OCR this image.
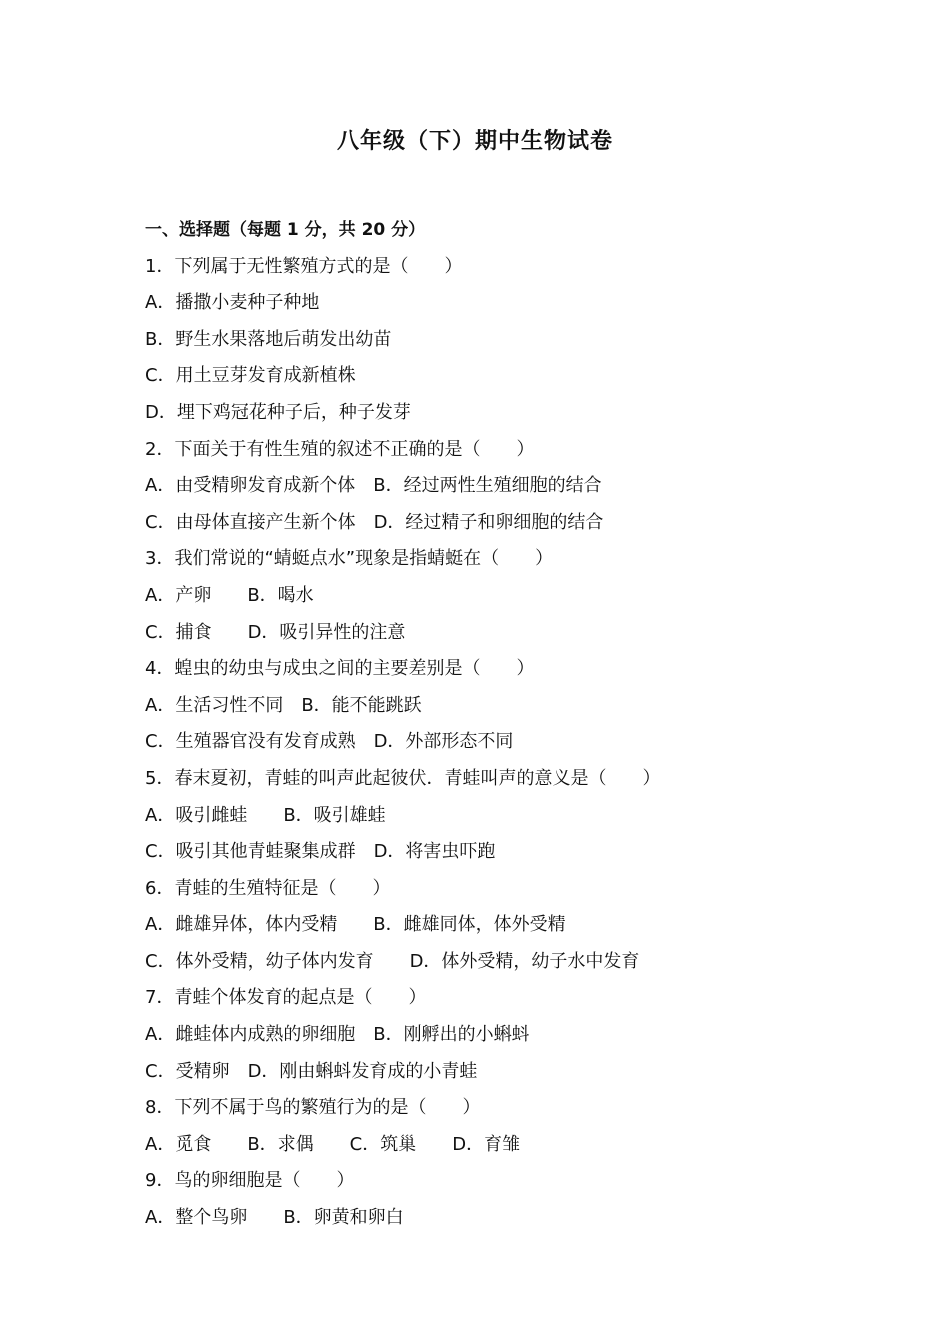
八年级（下）期中生物试卷
一、选择题（每题 1 分，共 20 分）
1．下列属于无性繁殖方式的是（　　）
A．播撒小麦种子种地
B．野生水果落地后萌发出幼苗
C．用土豆芽发育成新植株
D．埋下鸡冠花种子后，种子发芽
2．下面关于有性生殖的叙述不正确的是（　　）
A．由受精卵发育成新个体　B．经过两性生殖细胞的结合
C．由母体直接产生新个体　D．经过精子和卵细胞的结合
3．我们常说的“蜻蜓点水”现象是指蜻蜓在（　　）
A．产卵　　B．喝水
C．捕食　　D．吸引异性的注意
4．蝗虫的幼虫与成虫之间的主要差别是（　　）
A．生活习性不同　B．能不能跳跃
C．生殖器官没有发育成熟　D．外部形态不同
5．春末夏初，青蛙的叫声此起彼伏．青蛙叫声的意义是（　　）
A．吸引雌蛙　　B．吸引雄蛙
C．吸引其他青蛙聚集成群　D．将害虫吓跑
6．青蛙的生殖特征是（　　）
A．雌雄异体，体内受精　　B．雌雄同体，体外受精
C．体外受精，幼子体内发育　　D．体外受精，幼子水中发育
7．青蛙个体发育的起点是（　　）
A．雌蛙体内成熟的卵细胞　B．刚孵出的小蝌蚪
C．受精卵　D．刚由蝌蚪发育成的小青蛙
8．下列不属于鸟的繁殖行为的是（　　）
A．觅食　　B．求偶　　C．筑巢　　D．育雏
9．鸟的卵细胞是（　　）
A．整个鸟卵　　B．卵黄和卵白
